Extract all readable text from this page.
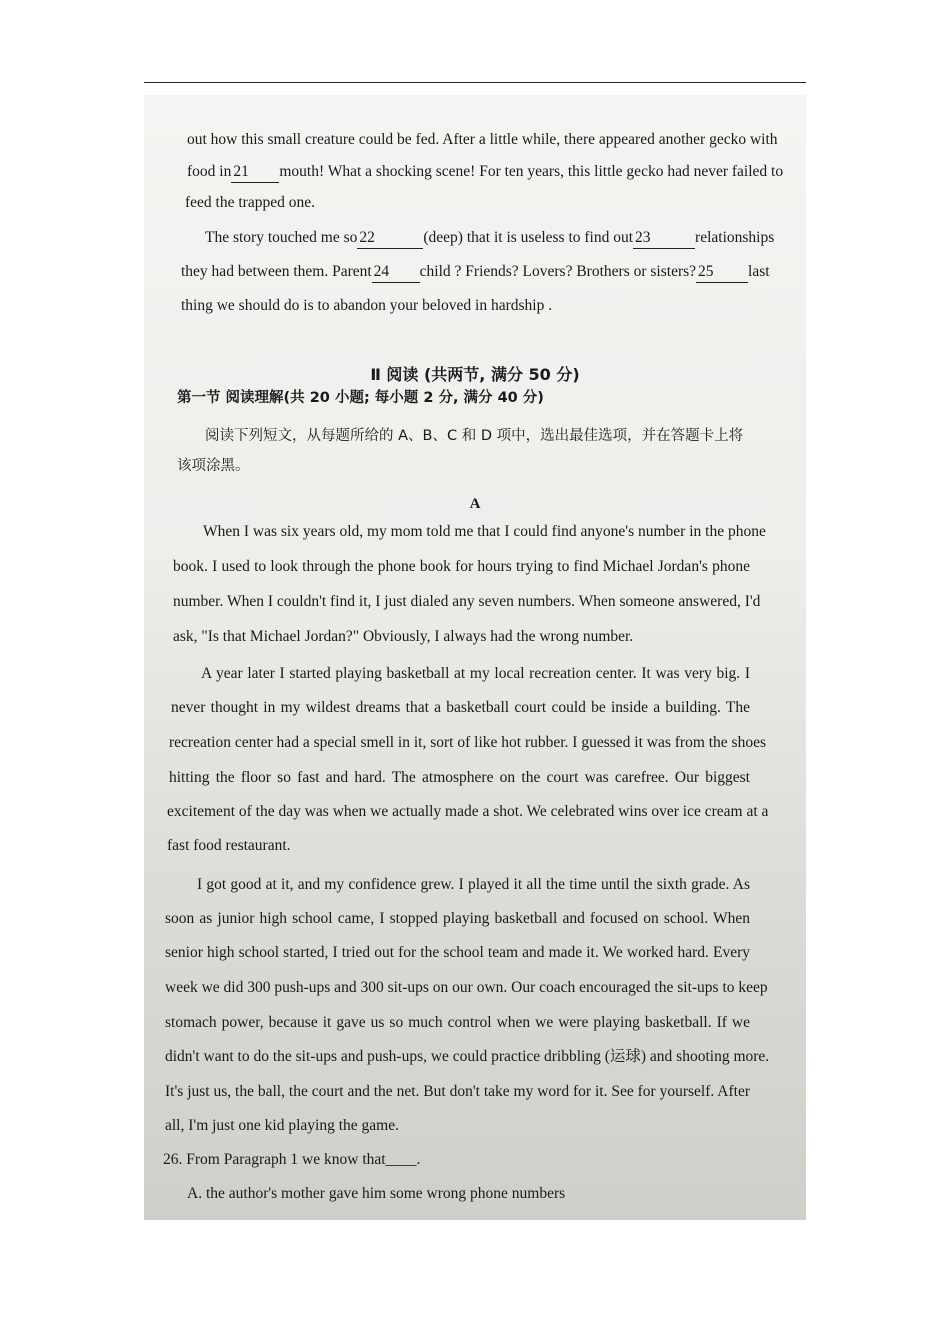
out how this small creature could be fed. After a little while, there appeared another gecko with
food in 21 mouth! What a shocking scene! For ten years, this little gecko had never failed to
feed the trapped one.
The story touched me so 22	(deep) that it is useless to find out 23	relationships
they had between them. Parent 24 child ? Friends? Lovers? Brothers or sisters? 25 last
thing we should do is to abandon your beloved in hardship .
Ⅱ 阅读 (共两节, 满分 50 分)
第一节 阅读理解(共 20 小题; 每小题 2 分, 满分 40 分)
阅读下列短文，从每题所给的 A、B、C 和 D 项中，选出最佳选项，并在答题卡上将
该项涂黑。
A
When I was six years old, my mom told me that I could find anyone's number in the phone
book. I used to look through the phone book for hours trying to find Michael Jordan's phone
number. When I couldn't find it, I just dialed any seven numbers. When someone answered, I'd
ask, "Is that Michael Jordan?" Obviously, I always had the wrong number.
A year later I started playing basketball at my local recreation center. It was very big. I
never thought in my wildest dreams that a basketball court could be inside a building. The
recreation center had a special smell in it, sort of like hot rubber. I guessed it was from the shoes
hitting the floor so fast and hard. The atmosphere on the court was carefree. Our biggest
excitement of the day was when we actually made a shot. We celebrated wins over ice cream at a
fast food restaurant.
I got good at it, and my confidence grew. I played it all the time until the sixth grade. As
soon as junior high school came, I stopped playing basketball and focused on school. When
senior high school started, I tried out for the school team and made it. We worked hard. Every
week we did 300 push-ups and 300 sit-ups on our own. Our coach encouraged the sit-ups to keep
stomach power, because it gave us so much control when we were playing basketball. If we
didn't want to do the sit-ups and push-ups, we could practice dribbling (运球) and shooting more.
It's just us, the ball, the court and the net. But don't take my word for it. See for yourself. After
all, I'm just one kid playing the game.
26. From Paragraph 1 we know that____.
A. the author's mother gave him some wrong phone numbers
